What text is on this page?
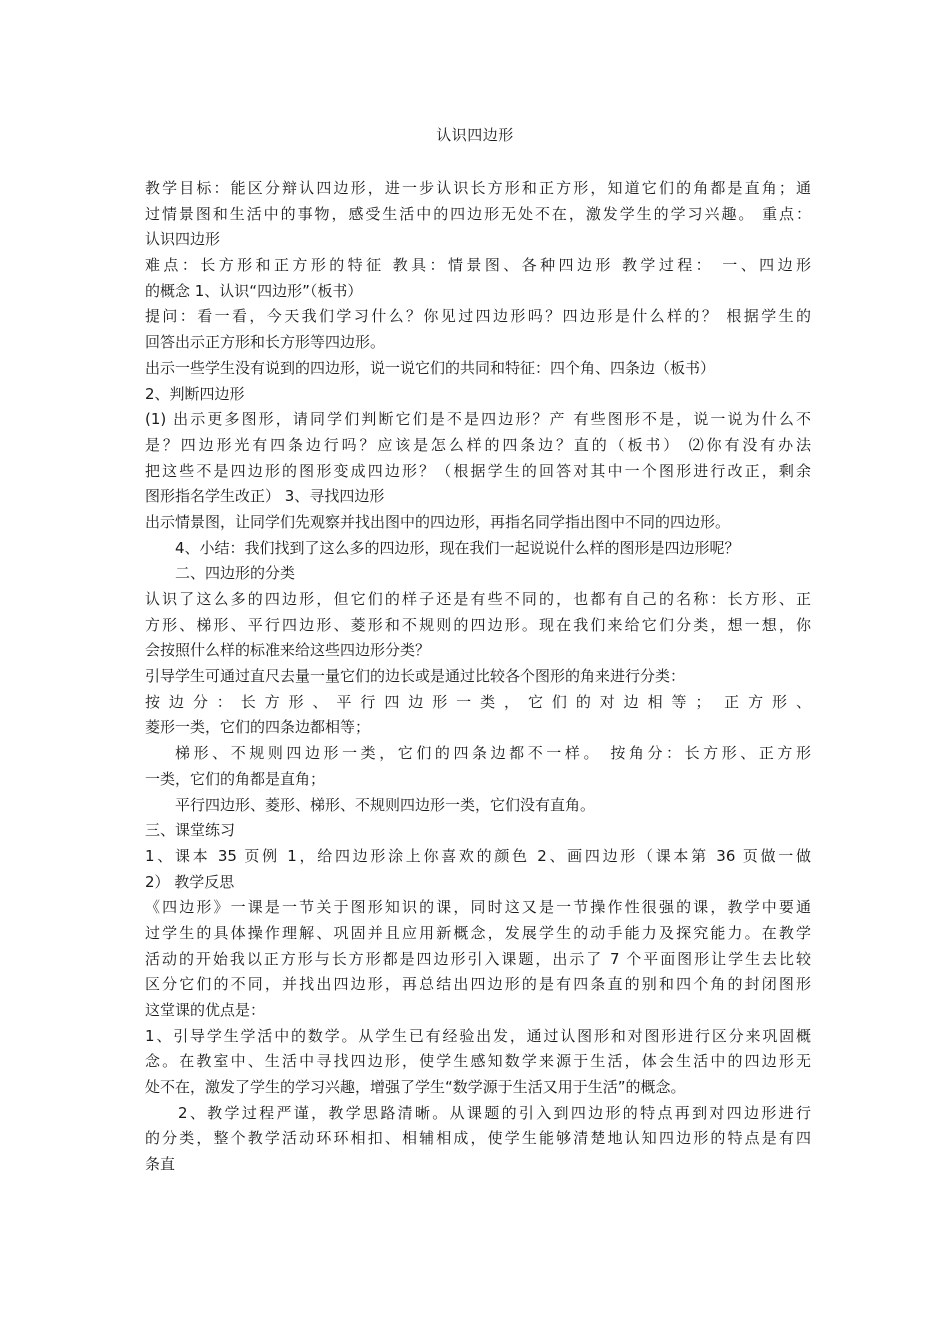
认识四边形
教学目标：能区分辩认四边形，进一步认识长方形和正方形，知道它们的角都是直角；通
过情景图和生活中的事物，感受生活中的四边形无处不在，激发学生的学习兴趣。 重点：
认识四边形
难点：长方形和正方形的特征 教具：情景图、各种四边形 教学过程： 一、四边形
的概念 1、认识“四边形”（板书）
提问：看一看，今天我们学习什么？你见过四边形吗？四边形是什么样的？ 根据学生的
回答出示正方形和长方形等四边形。
出示一些学生没有说到的四边形，说一说它们的共同和特征：四个角、四条边（板书）
2、判断四边形
(1) 出示更多图形，请同学们判断它们是不是四边形？产 有些图形不是，说一说为什么不
是？四边形光有四条边行吗？应该是怎么样的四条边？直的（板书） ⑵你有没有办法
把这些不是四边形的图形变成四边形？（根据学生的回答对其中一个图形进行改正，剩余
图形指名学生改正） 3、寻找四边形
出示情景图，让同学们先观察并找出图中的四边形，再指名同学指出图中不同的四边形。
4、小结：我们找到了这么多的四边形，现在我们一起说说什么样的图形是四边形呢？
二、四边形的分类
认识了这么多的四边形，但它们的样子还是有些不同的，也都有自己的名称：长方形、正
方形、梯形、平行四边形、菱形和不规则的四边形。现在我们来给它们分类，想一想，你
会按照什么样的标准来给这些四边形分类？
引导学生可通过直尺去量一量它们的边长或是通过比较各个图形的角来进行分类：
按边分：长方形、平行四边形一类，它们的对边相等； 正方形、
菱形一类，它们的四条边都相等；
梯形、不规则四边形一类，它们的四条边都不一样。 按角分：长方形、正方形
一类，它们的角都是直角；
平行四边形、菱形、梯形、不规则四边形一类，它们没有直角。
三、课堂练习
1、课本 35 页例 1，给四边形涂上你喜欢的颜色 2、画四边形（课本第 36 页做一做
2） 教学反思
《四边形》一课是一节关于图形知识的课，同时这又是一节操作性很强的课，教学中要通
过学生的具体操作理解、巩固并且应用新概念，发展学生的动手能力及探究能力。在教学
活动的开始我以正方形与长方形都是四边形引入课题，出示了 7 个平面图形让学生去比较
区分它们的不同，并找出四边形，再总结出四边形的是有四条直的别和四个角的封闭图形
这堂课的优点是：
1、引导学生学活中的数学。从学生已有经验出发，通过认图形和对图形进行区分来巩固概
念。在教室中、生活中寻找四边形，使学生感知数学来源于生活，体会生活中的四边形无
处不在，激发了学生的学习兴趣，增强了学生“数学源于生活又用于生活”的概念。
2、教学过程严谨，教学思路清晰。从课题的引入到四边形的特点再到对四边形进行
的分类，整个教学活动环环相扣、相辅相成，使学生能够清楚地认知四边形的特点是有四
条直
